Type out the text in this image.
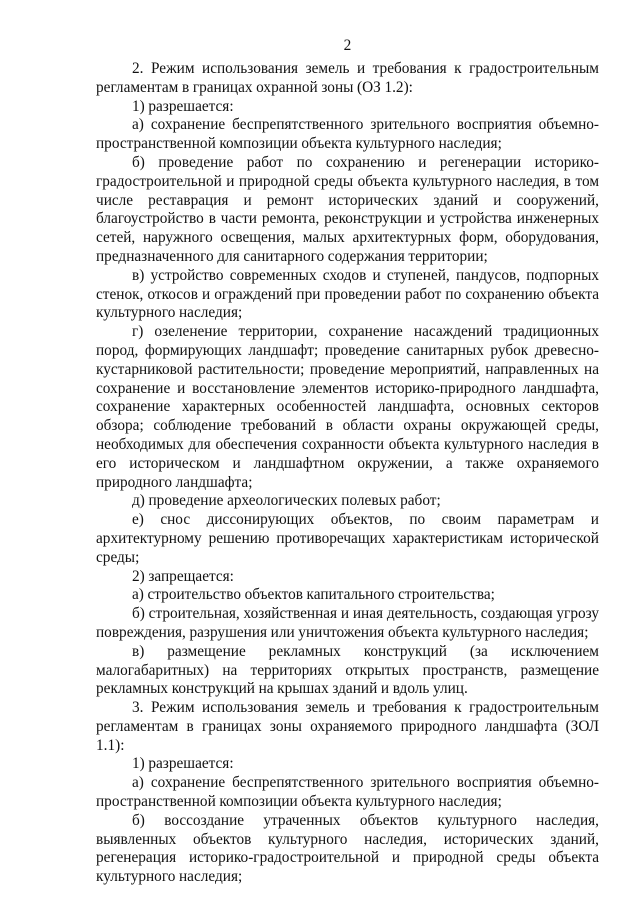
2

2. Режим использования земель и требования к градостроительным регламентам в границах охранной зоны (ОЗ 1.2):

1) разрешается:

а) сохранение беспрепятственного зрительного восприятия объемно-пространственной композиции объекта культурного наследия;

б) проведение работ по сохранению и регенерации историко-градостроительной и природной среды объекта культурного наследия, в том числе реставрация и ремонт исторических зданий и сооружений, благоустройство в части ремонта, реконструкции и устройства инженерных сетей, наружного освещения, малых архитектурных форм, оборудования, предназначенного для санитарного содержания территории;

в) устройство современных сходов и ступеней, пандусов, подпорных стенок, откосов и ограждений при проведении работ по сохранению объекта культурного наследия;

г) озеленение территории, сохранение насаждений традиционных пород, формирующих ландшафт; проведение санитарных рубок древесно-кустарниковой растительности; проведение мероприятий, направленных на сохранение и восстановление элементов историко-природного ландшафта, сохранение характерных особенностей ландшафта, основных секторов обзора; соблюдение требований в области охраны окружающей среды, необходимых для обеспечения сохранности объекта культурного наследия в его историческом и ландшафтном окружении, а также охраняемого природного ландшафта;

д) проведение археологических полевых работ;

е) снос диссонирующих объектов, по своим параметрам и архитектурному решению противоречащих характеристикам исторической среды;

2) запрещается:

а) строительство объектов капитального строительства;

б) строительная, хозяйственная и иная деятельность, создающая угрозу повреждения, разрушения или уничтожения объекта культурного наследия;

в) размещение рекламных конструкций (за исключением малогабаритных) на территориях открытых пространств, размещение рекламных конструкций на крышах зданий и вдоль улиц.

3. Режим использования земель и требования к градостроительным регламентам в границах зоны охраняемого природного ландшафта (ЗОЛ 1.1):

1) разрешается:

а) сохранение беспрепятственного зрительного восприятия объемно-пространственной композиции объекта культурного наследия;

б) воссоздание утраченных объектов культурного наследия, выявленных объектов культурного наследия, исторических зданий, регенерация историко-градостроительной и природной среды объекта культурного наследия;
